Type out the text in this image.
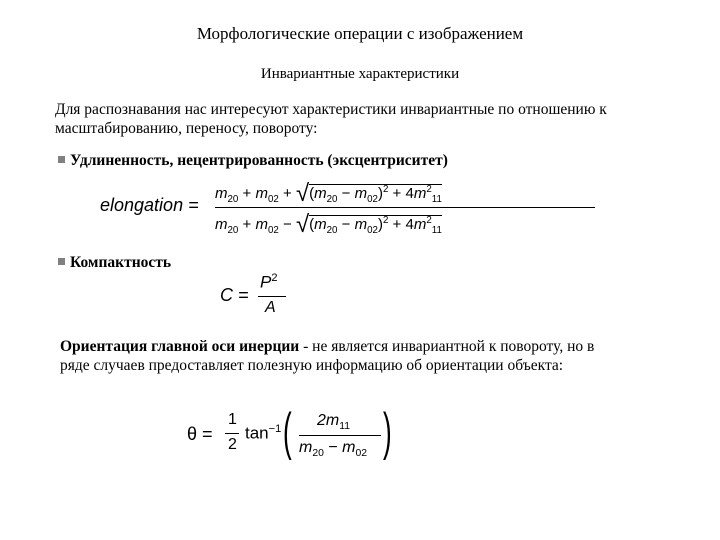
Морфологические операции с изображением
Инвариантные характеристики
Для распознавания нас интересуют характеристики инвариантные по отношению к масштабированию, переносу, повороту:
Удлиненность, нецентрированность (эксцентриситет)
elongation =
$m_{20} + m_{02} + √(m_{20} - m_{02})^2 + 4m^2_{11}$
$m_{20} + m_{02} - √(m_{20} - m_{02})^2 + 4m^2_{11}$
Компактность
C =
$P^2$
A
Ориентация главной оси инерции - не является инвариантной к повороту, но в ряде случаев предоставляет полезную информацию об ориентации объекта:
θ =
1
2
$\tan^{-1}$ ( $2m_{11}$
$m_{20} - m_{02}$ )
